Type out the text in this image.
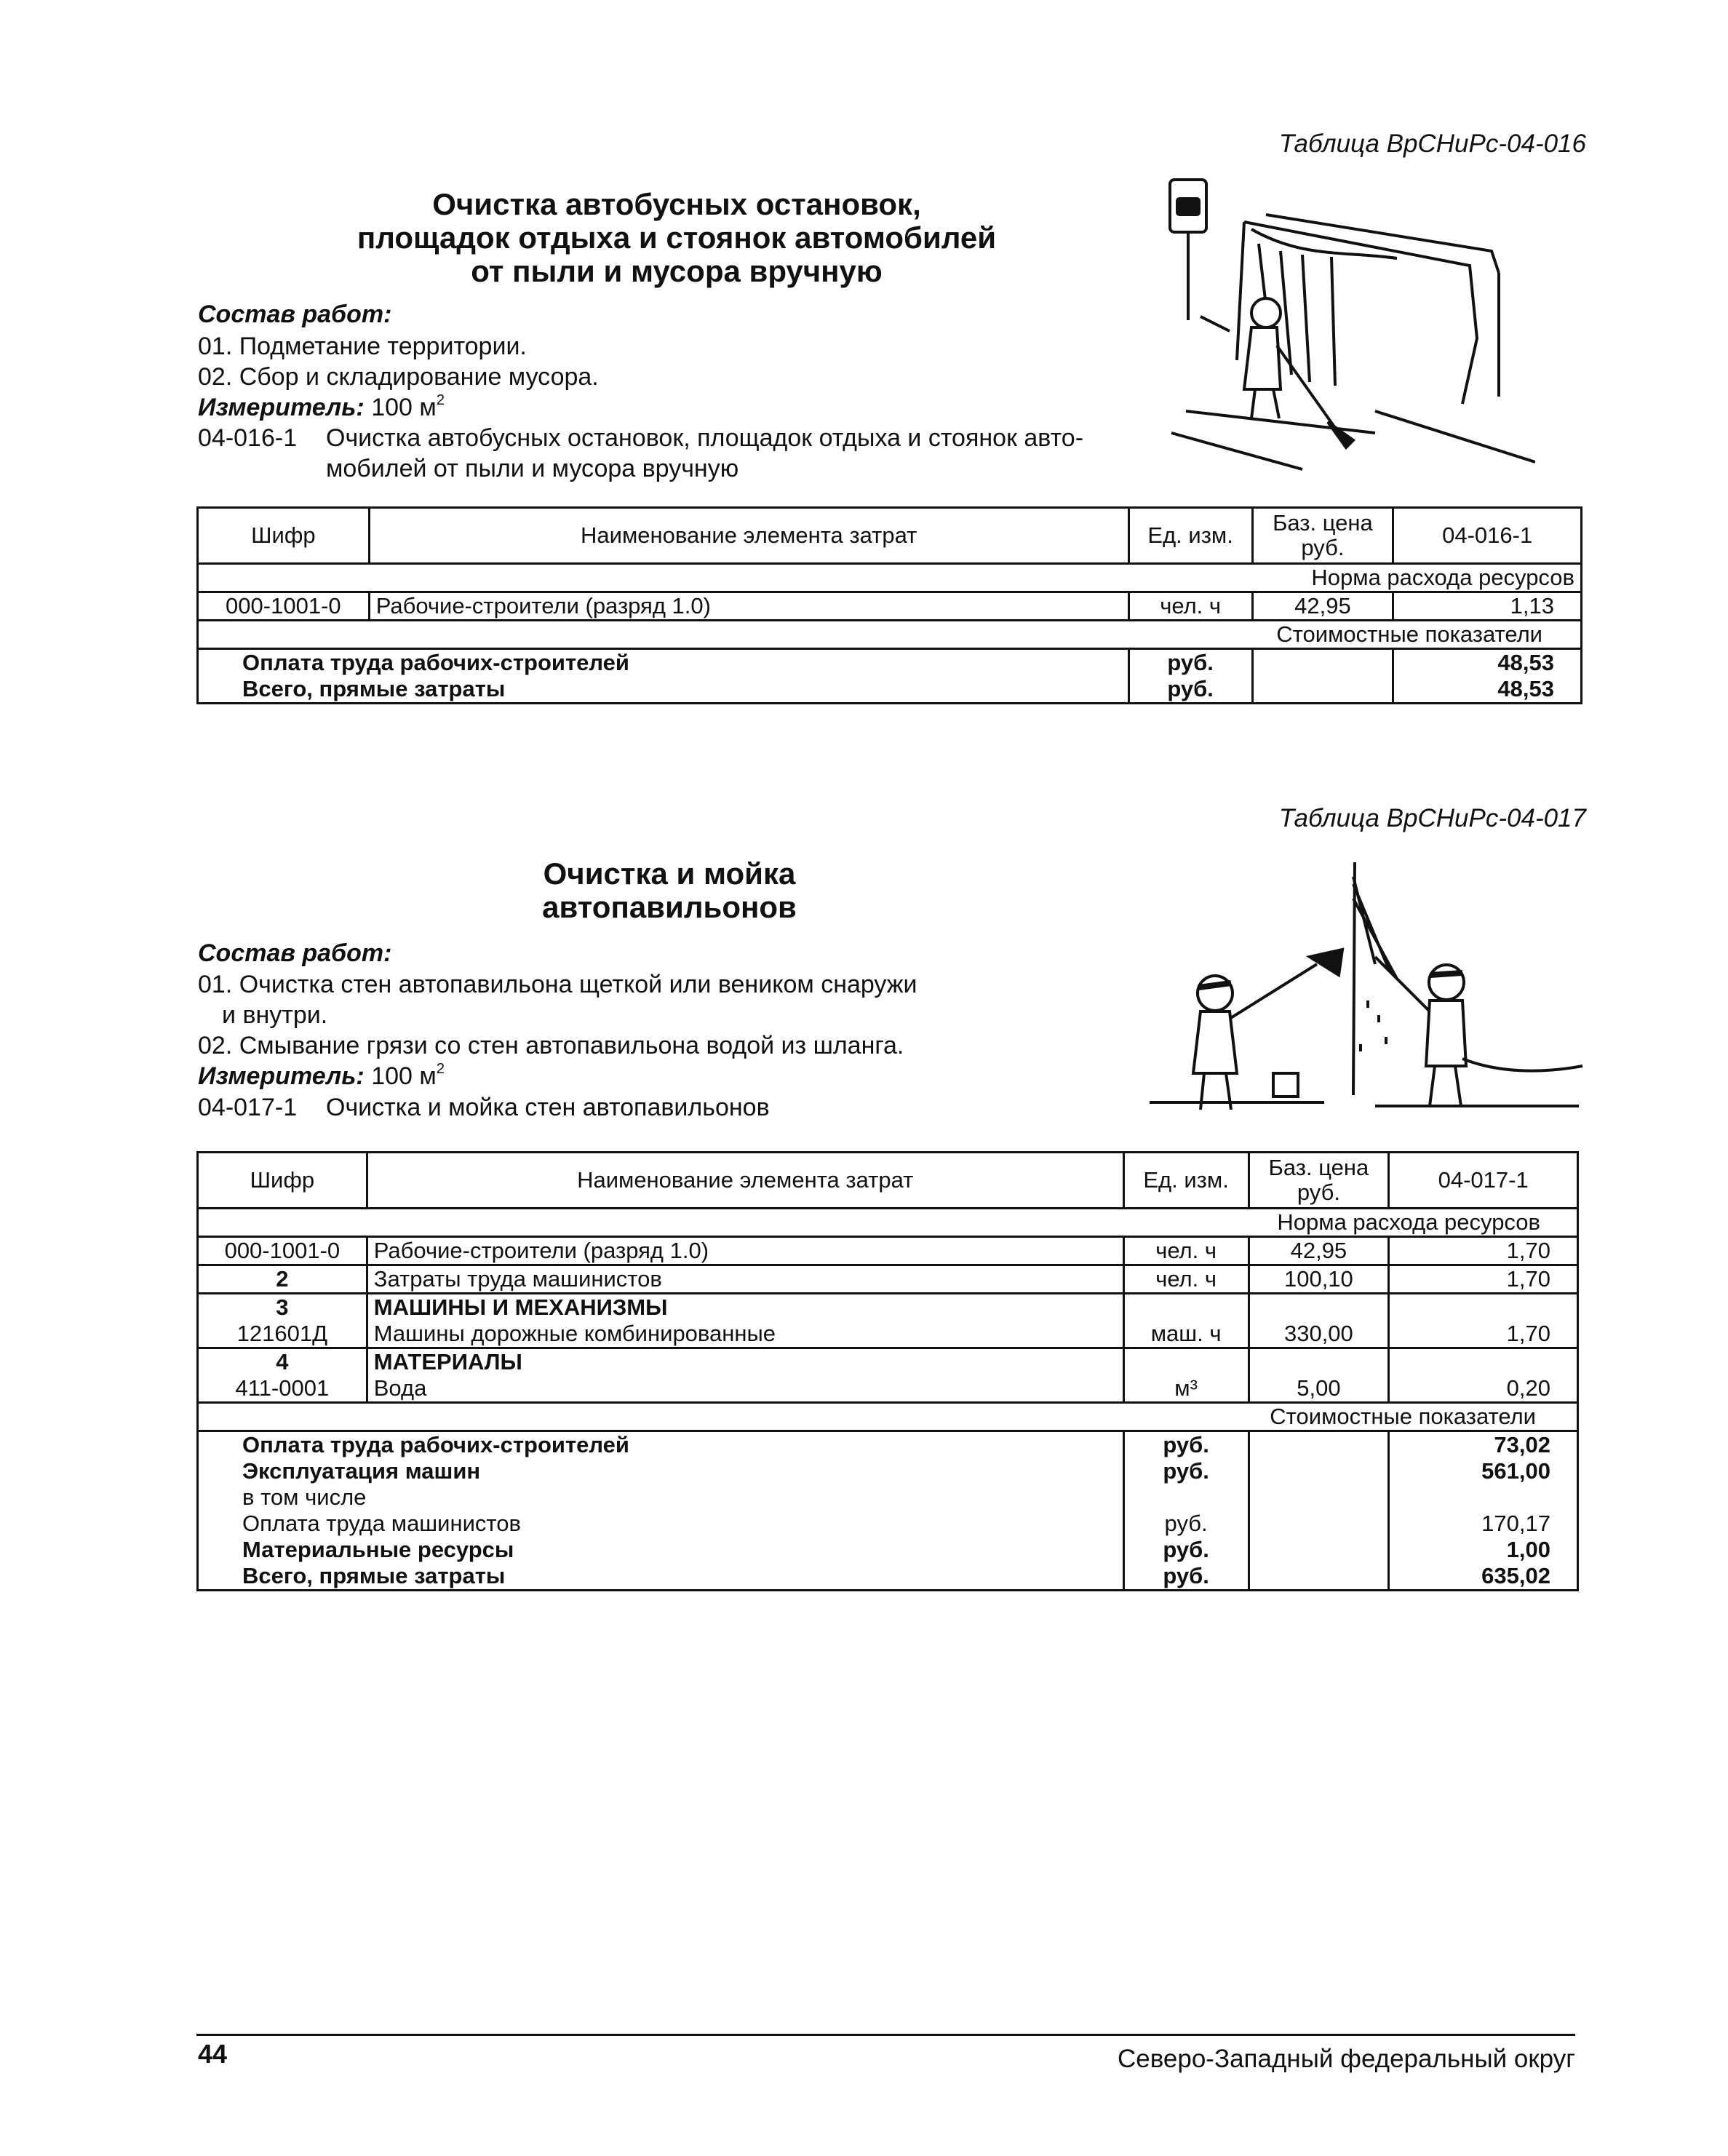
Таблица ВрСНиРс-04-016
Очистка автобусных остановок,
площадок отдыха и стоянок автомобилей
от пыли и мусора вручную
Состав работ:
01. Подметание территории.
02. Сбор и складирование мусора.
Измеритель: 100 $м^2$
04-016-1 Очистка автобусных остановок, площадок отдыха и стоянок авто-
мобилей от пыли и мусора вручную
Шифр	Наименование элемента затрат	Ед. изм.	Баз. цена руб.	04-016-1
Норма расхода ресурсов				
000-1001-0	Рабочие-строители (разряд 1.0)	чел. ч	42,95	1,13
Стоимостные показатели				
Оплата труда рабочих-строителей		руб.		48,53
Всего, прямые затраты		руб.		48,53
Таблица ВрСНиРс-04-017
Очистка и мойка
автопавильонов
Состав работ:
01. Очистка стен автопавильона щеткой или веником снаружи
и внутри.
02. Смывание грязи со стен автопавильона водой из шланга.
Измеритель: 100 $м^2$
04-017-1 Очистка и мойка стен автопавильонов
Шифр	Наименование элемента затрат	Ед. изм.	Баз. цена руб.	04-017-1
Норма расхода ресурсов				
000-1001-0	Рабочие-строители (разряд 1.0)	чел. ч	42,95	1,70
2	Затраты труда машинистов	чел. ч	100,10	1,70
3	МАШИНЫ И МЕХАНИЗМЫ			
121601Д	Машины дорожные комбинированные	маш. ч	330,00	1,70
4	МАТЕРИАЛЫ			
411-0001	Вода	м³	5,00	0,20
Стоимостные показатели				
Оплата труда рабочих-строителей		руб.		73,02
Эксплуатация машин		руб.		561,00
в том числе				
Оплата труда машинистов		руб.		170,17
Материальные ресурсы		руб.		1,00
Всего, прямые затраты		руб.		635,02
44	Северо-Западный федеральный округ
